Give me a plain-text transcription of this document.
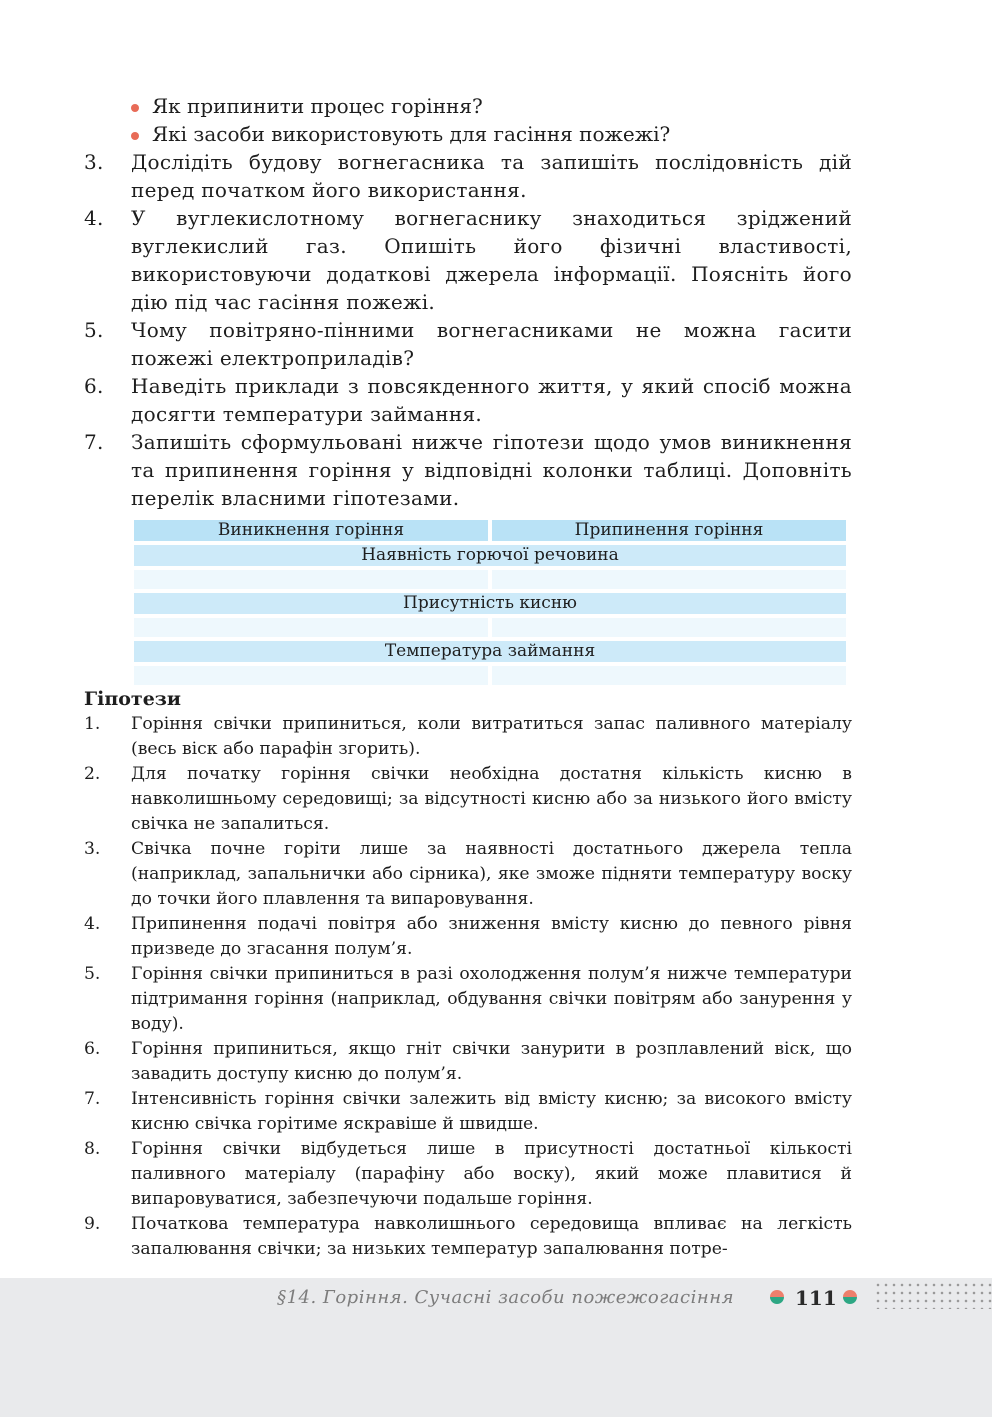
Як припинити процес горіння?
Які засоби використовують для гасіння пожежі?
3. Дослідіть будову вогнегасника та запишіть послідовність дій перед початком його використання.
4. У вуглекислотному вогнегаснику знаходиться зріджений вуглекислий газ. Опишіть його фізичні властивості, використовуючи додаткові джерела інформації. Поясніть його дію під час гасіння пожежі.
5. Чому повітряно-пінними вогнегасниками не можна гасити пожежі електроприладів?
6. Наведіть приклади з повсякденного життя, у який спосіб можна досягти температури займання.
7. Запишіть сформульовані нижче гіпотези щодо умов виникнення та припинення горіння у відповідні колонки таблиці. Доповніть перелік власними гіпотезами.
Виникнення горіння	Припинення горіння
Наявність горючої речовина
Присутність кисню
Температура займання

Гіпотези

1. Горіння свічки припиниться, коли витратиться запас паливного матеріалу (весь віск або парафін згорить).
2. Для початку горіння свічки необхідна достатня кількість кисню в навколишньому середовищі; за відсутності кисню або за низького його вмісту свічка не запалиться.
3. Свічка почне горіти лише за наявності достатнього джерела тепла (наприклад, запальнички або сірника), яке зможе підняти температуру воску до точки його плавлення та випаровування.
4. Припинення подачі повітря або зниження вмісту кисню до певного рівня призведе до згасання полум’я.
5. Горіння свічки припиниться в разі охолодження полум’я нижче температури підтримання горіння (наприклад, обдування свічки повітрям або занурення у воду).
6. Горіння припиниться, якщо гніт свічки занурити в розплавлений віск, що завадить доступу кисню до полум’я.
7. Інтенсивність горіння свічки залежить від вмісту кисню; за високого вмісту кисню свічка горітиме яскравіше й швидше.
8. Горіння свічки відбудеться лише в присутності достатньої кількості паливного матеріалу (парафіну або воску), який може плавитися й випаровуватися, забезпечуючи подальше горіння.
9. Початкова температура навколишнього середовища впливає на легкість запалювання свічки; за низьких температур запалювання потре-
§14. Горіння. Сучасні засоби пожежогасіння	111
